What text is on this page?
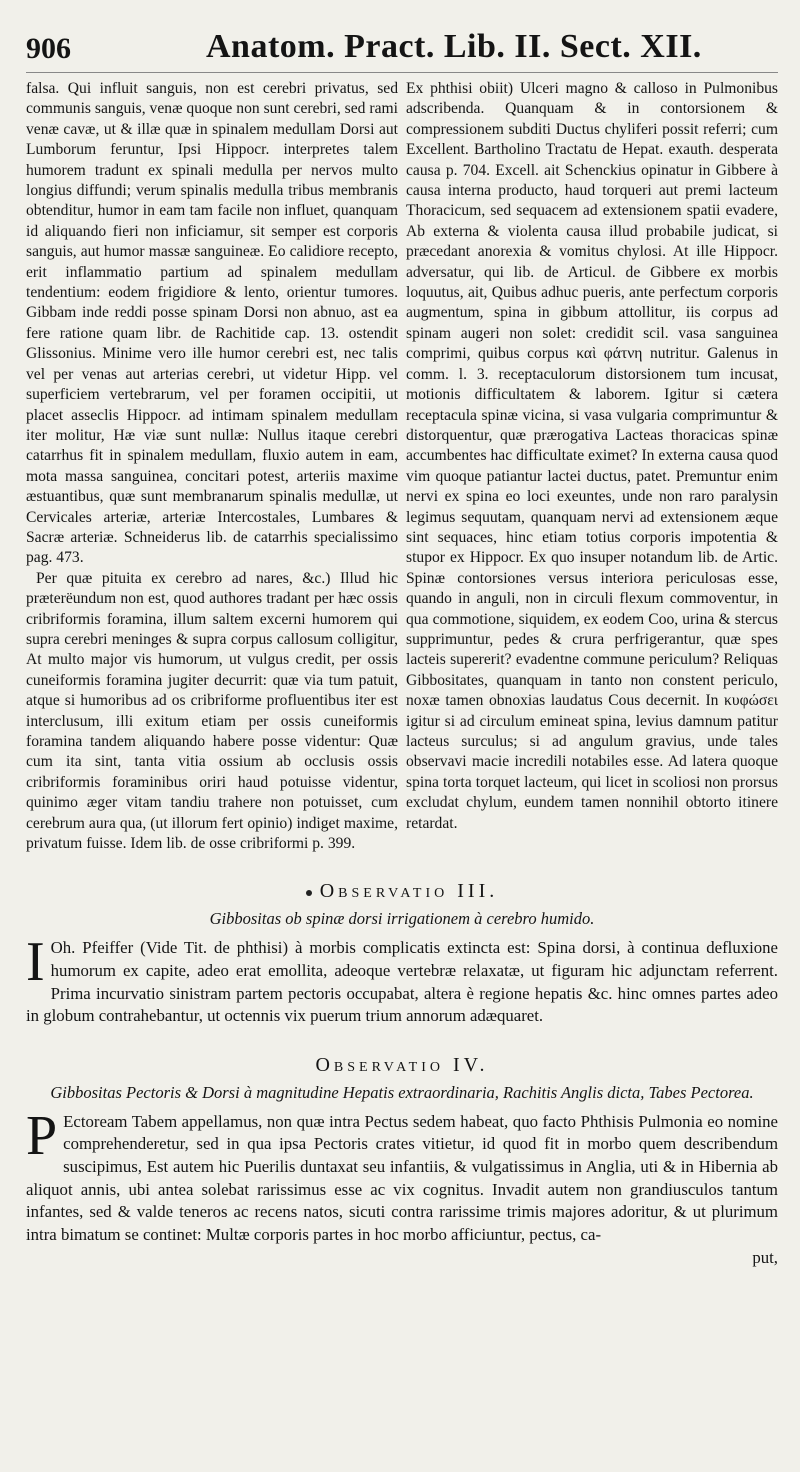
906	Anatom. Pract. Lib. II. Sect. XII.

falsa. Qui influit sanguis, non est cerebri privatus, sed communis sanguis, venæ quoque non sunt cerebri, sed rami venæ cavæ, ut & illæ quæ in spinalem medullam Dorsi aut Lumborum feruntur, Ipsi Hippocr. interpretes talem humorem tradunt ex spinali medulla per nervos multo longius diffundi; verum spinalis medulla tribus membranis obtenditur, humor in eam tam facile non influet, quanquam id aliquando fieri non inficiamur, sit semper est corporis sanguis, aut humor massæ sanguineæ. Eo calidiore recepto, erit inflammatio partium ad spinalem medullam tendentium: eodem frigidiore & lento, orientur tumores. Gibbam inde reddi posse spinam Dorsi non abnuo, ast ea fere ratione quam libr. de Rachitide cap. 13. ostendit Glissonius. Minime vero ille humor cerebri est, nec talis vel per venas aut arterias cerebri, ut videtur Hipp. vel superficiem vertebrarum, vel per foramen occipitii, ut placet asseclis Hippocr. ad intimam spinalem medullam iter molitur, Hæ viæ sunt nullæ: Nullus itaque cerebri catarrhus fit in spinalem medullam, fluxio autem in eam, mota massa sanguinea, concitari potest, arteriis maxime æstuantibus, quæ sunt membranarum spinalis medullæ, ut Cervicales arteriæ, arteriæ Intercostales, Lumbares & Sacræ arteriæ. Schneiderus lib. de catarrhis specialissimo pag. 473.

Per quæ pituita ex cerebro ad nares, &c.) Illud hic præterëundum non est, quod authores tradant per hæc ossis cribriformis foramina, illum saltem excerni humorem qui supra cerebri meninges & supra corpus callosum colligitur, At multo major vis humorum, ut vulgus credit, per ossis cuneiformis foramina jugiter decurrit: quæ via tum patuit, atque si humoribus ad os cribriforme profluentibus iter est interclusum, illi exitum etiam per ossis cuneiformis foramina tandem aliquando habere posse videntur: Quæ cum ita sint, tanta vitia ossium ab occlusis ossis cribriformis foraminibus oriri haud potuisse videntur, quinimo æger vitam tandiu trahere non potuisset, cum cerebrum aura qua, (ut illorum fert opinio) indiget maxime, privatum fuisse. Idem lib. de osse cribriformi p. 399.

Ex phthisi obiit) Ulceri magno & calloso in Pulmonibus adscribenda. Quanquam & in contorsionem & compressionem subditi Ductus chyliferi possit referri; cum Excellent. Bartholino Tractatu de Hepat. exauth. desperata causa p. 704. Excell. ait Schenckius opinatur in Gibbere à causa interna producto, haud torqueri aut premi lacteum Thoracicum, sed sequacem ad extensionem spatii evadere, Ab externa & violenta causa illud probabile judicat, si præcedant anorexia & vomitus chylosi. At ille Hippocr. adversatur, qui lib. de Articul. de Gibbere ex morbis loquutus, ait, Quibus adhuc pueris, ante perfectum corporis augmentum, spina in gibbum attollitur, iis corpus ad spinam augeri non solet: credidit scil. vasa sanguinea comprimi, quibus corpus καὶ φάτνη nutritur. Galenus in comm. l. 3. receptaculorum distorsionem tum incusat, motionis difficultatem & laborem. Igitur si cætera receptacula spinæ vicina, si vasa vulgaria comprimuntur & distorquentur, quæ prærogativa Lacteas thoracicas spinæ accumbentes hac difficultate eximet? In externa causa quod vim quoque patiantur lactei ductus, patet. Premuntur enim nervi ex spina eo loci exeuntes, unde non raro paralysin legimus sequutam, quanquam nervi ad extensionem æque sint sequaces, hinc etiam totius corporis impotentia & stupor ex Hippocr. Ex quo insuper notandum lib. de Artic. Spinæ contorsiones versus interiora periculosas esse, quando in anguli, non in circuli flexum commoventur, in qua commotione, siquidem, ex eodem Coo, urina & stercus supprimuntur, pedes & crura perfrigerantur, quæ spes lacteis supererit? evadentne commune periculum? Reliquas Gibbositates, quanquam in tanto non constent periculo, noxæ tamen obnoxias laudatus Cous decernit. In κυφώσει igitur si ad circulum emineat spina, levius damnum patitur lacteus surculus; si ad angulum gravius, unde tales observavi macie incredili notabiles esse. Ad latera quoque spina torta torquet lacteum, qui licet in scoliosi non prorsus excludat chylum, eundem tamen nonnihil obtorto itinere retardat.

Observatio III.
Gibbositas ob spinæ dorsi irrigationem à cerebro humido.

I Oh. Pfeiffer (Vide Tit. de phthisi) à morbis complicatis extincta est: Spina dorsi, à continua defluxione humorum ex capite, adeo erat emollita, adeoque vertebræ relaxatæ, ut figuram hic adjunctam referrent. Prima incurvatio sinistram partem pectoris occupabat, altera è regione hepatis &c. hinc omnes partes adeo in globum contrahebantur, ut octennis vix puerum trium annorum adæquaret.

Observatio IV.
Gibbositas Pectoris & Dorsi à magnitudine Hepatis extraordinaria, Rachitis Anglis dicta, Tabes Pectorea.

P Ectoream Tabem appellamus, non quæ intra Pectus sedem habeat, quo facto Phthisis Pulmonia eo nomine comprehenderetur, sed in qua ipsa Pectoris crates vitietur, id quod fit in morbo quem describendum suscipimus, Est autem hic Puerilis duntaxat seu infantiis, & vulgatissimus in Anglia, uti & in Hibernia ab aliquot annis, ubi antea solebat rarissimus esse ac vix cognitus. Invadit autem non grandiusculos tantum infantes, sed & valde teneros ac recens natos, sicuti contra rarissime trimis majores adoritur, & ut plurimum intra bimatum se continet: Multæ corporis partes in hoc morbo afficiuntur, pectus, ca-

put,
